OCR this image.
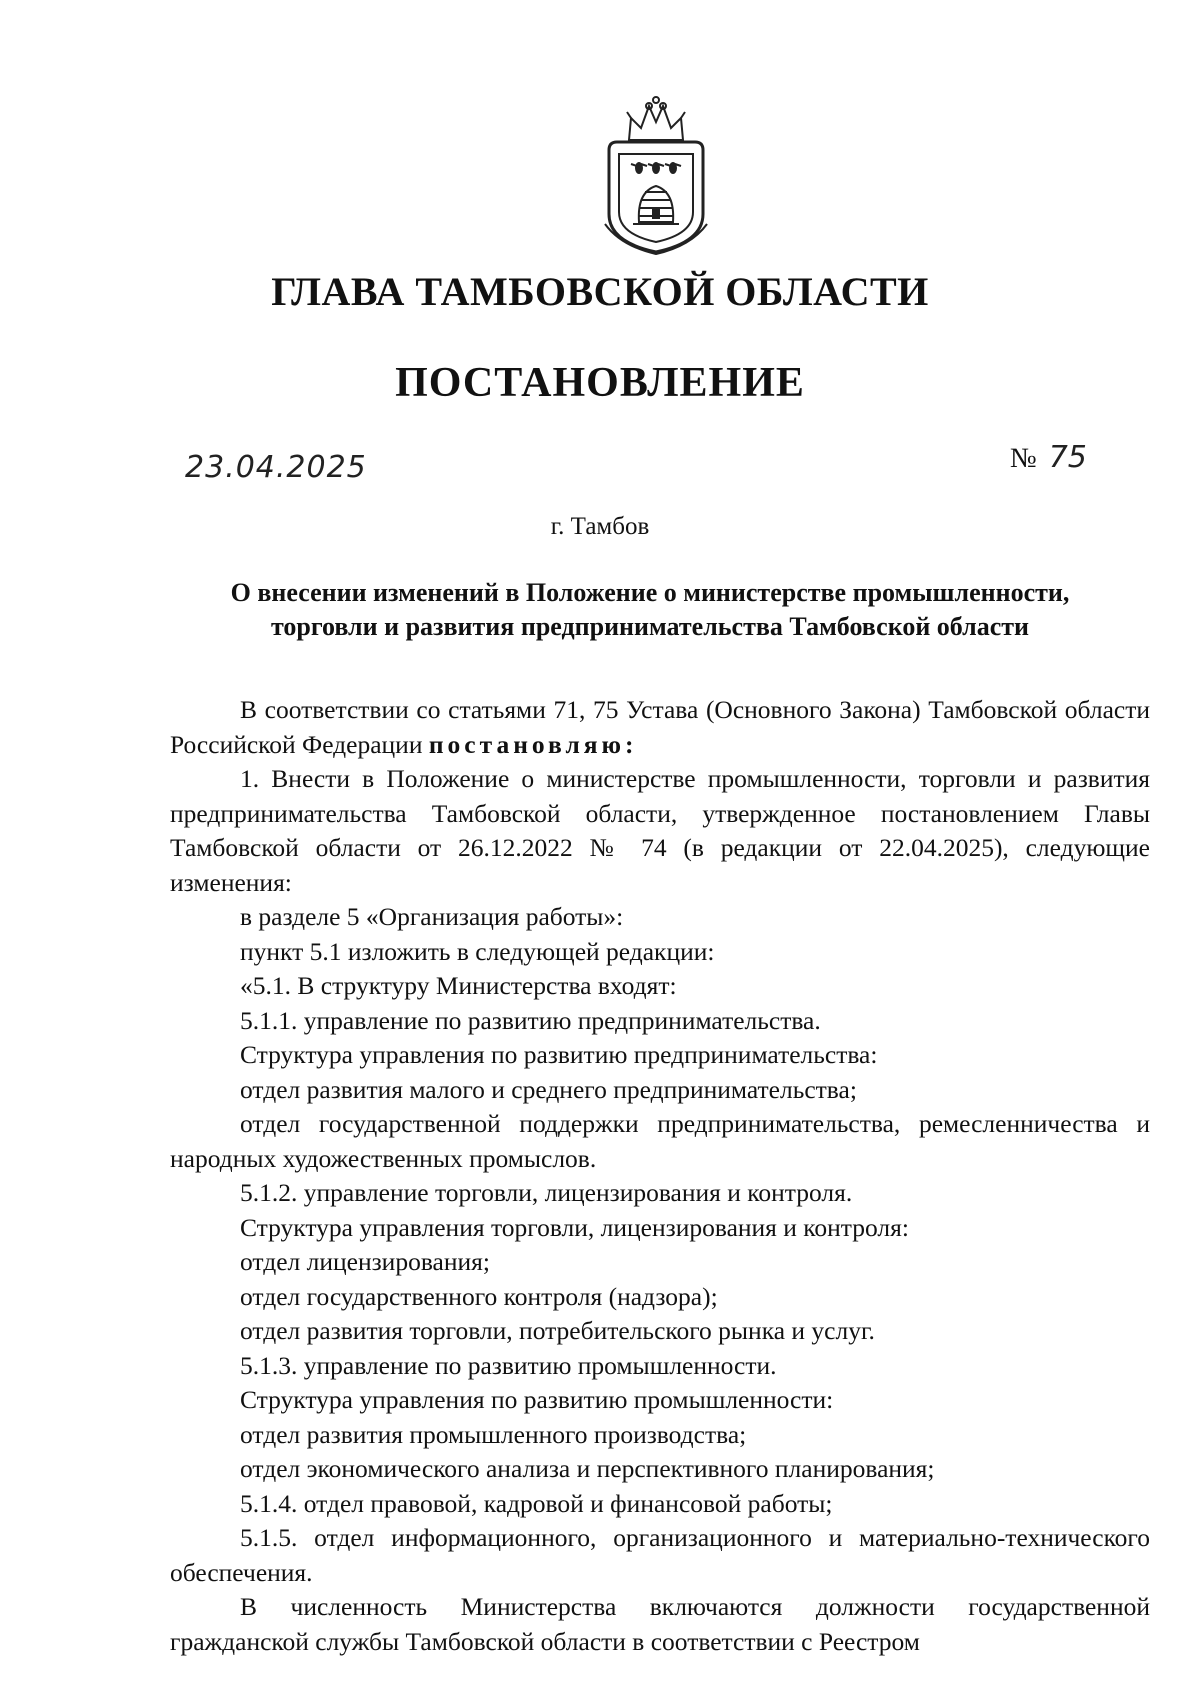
ГЛАВА ТАМБОВСКОЙ ОБЛАСТИ
ПОСТАНОВЛЕНИЕ
23.04.2025	№ 75
г. Тамбов
О внесении изменений в Положение о министерстве промышленности,
торговли и развития предпринимательства Тамбовской области

В соответствии со статьями 71, 75 Устава (Основного Закона) Тамбовской области Российской Федерации постановляю:

1. Внести в Положение о министерстве промышленности, торговли и развития предпринимательства Тамбовской области, утвержденное постановлением Главы Тамбовской области от 26.12.2022 № 74 (в редакции от 22.04.2025), следующие изменения:

в разделе 5 «Организация работы»:

пункт 5.1 изложить в следующей редакции:

«5.1. В структуру Министерства входят:

5.1.1. управление по развитию предпринимательства.

Структура управления по развитию предпринимательства:

отдел развития малого и среднего предпринимательства;

отдел государственной поддержки предпринимательства, ремесленничества и народных художественных промыслов.

5.1.2. управление торговли, лицензирования и контроля.

Структура управления торговли, лицензирования и контроля:

отдел лицензирования;

отдел государственного контроля (надзора);

отдел развития торговли, потребительского рынка и услуг.

5.1.3. управление по развитию промышленности.

Структура управления по развитию промышленности:

отдел развития промышленного производства;

отдел экономического анализа и перспективного планирования;

5.1.4. отдел правовой, кадровой и финансовой работы;

5.1.5. отдел информационного, организационного и материально-технического обеспечения.

В численность Министерства включаются должности государственной гражданской службы Тамбовской области в соответствии с Реестром
